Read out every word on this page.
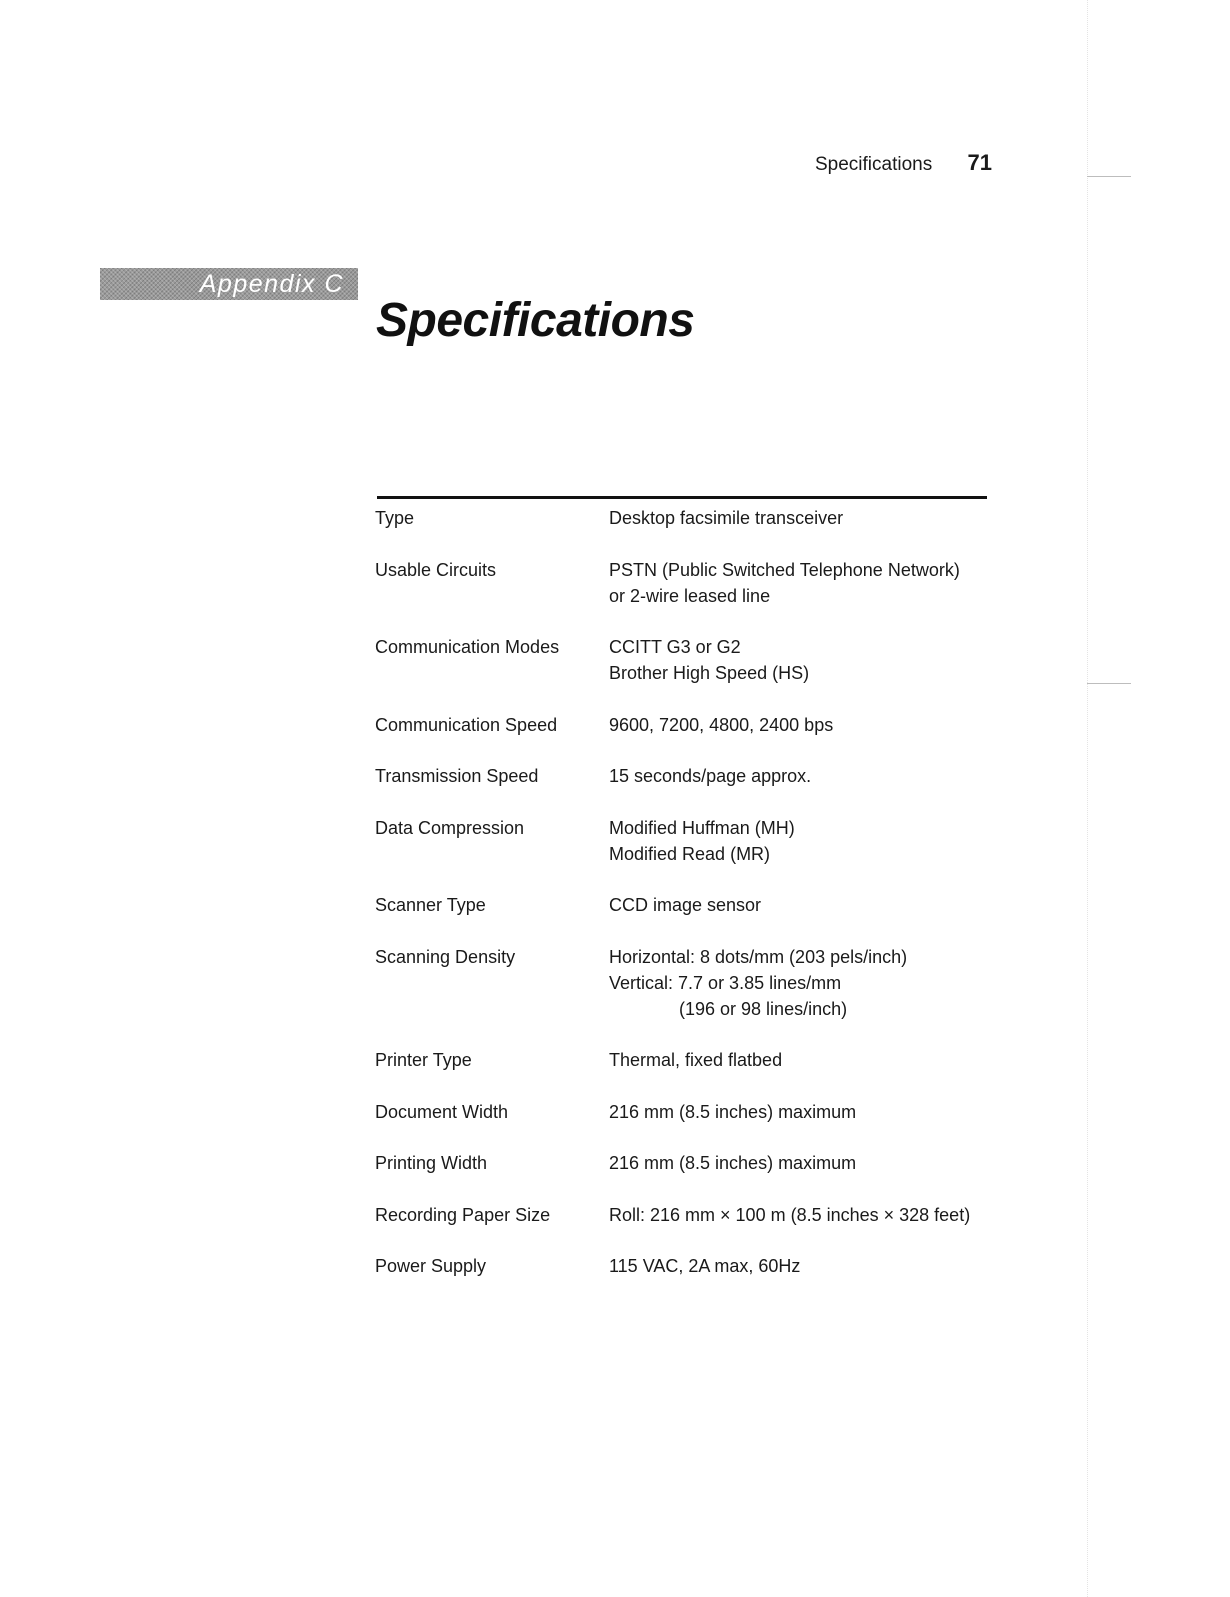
Specifications 71
Appendix C
Specifications
Type	Desktop facsimile transceiver
Usable Circuits	PSTN (Public Switched Telephone Network)
or 2-wire leased line
Communication Modes	CCITT G3 or G2
Brother High Speed (HS)
Communication Speed	9600, 7200, 4800, 2400 bps
Transmission Speed	15 seconds/page approx.
Data Compression	Modified Huffman (MH)
Modified Read (MR)
Scanner Type	CCD image sensor
Scanning Density	Horizontal: 8 dots/mm (203 pels/inch)
Vertical: 7.7 or 3.85 lines/mm
(196 or 98 lines/inch)
Printer Type	Thermal, fixed flatbed
Document Width	216 mm (8.5 inches) maximum
Printing Width	216 mm (8.5 inches) maximum
Recording Paper Size	Roll: 216 mm × 100 m (8.5 inches × 328 feet)
Power Supply	115 VAC, 2A max, 60Hz
